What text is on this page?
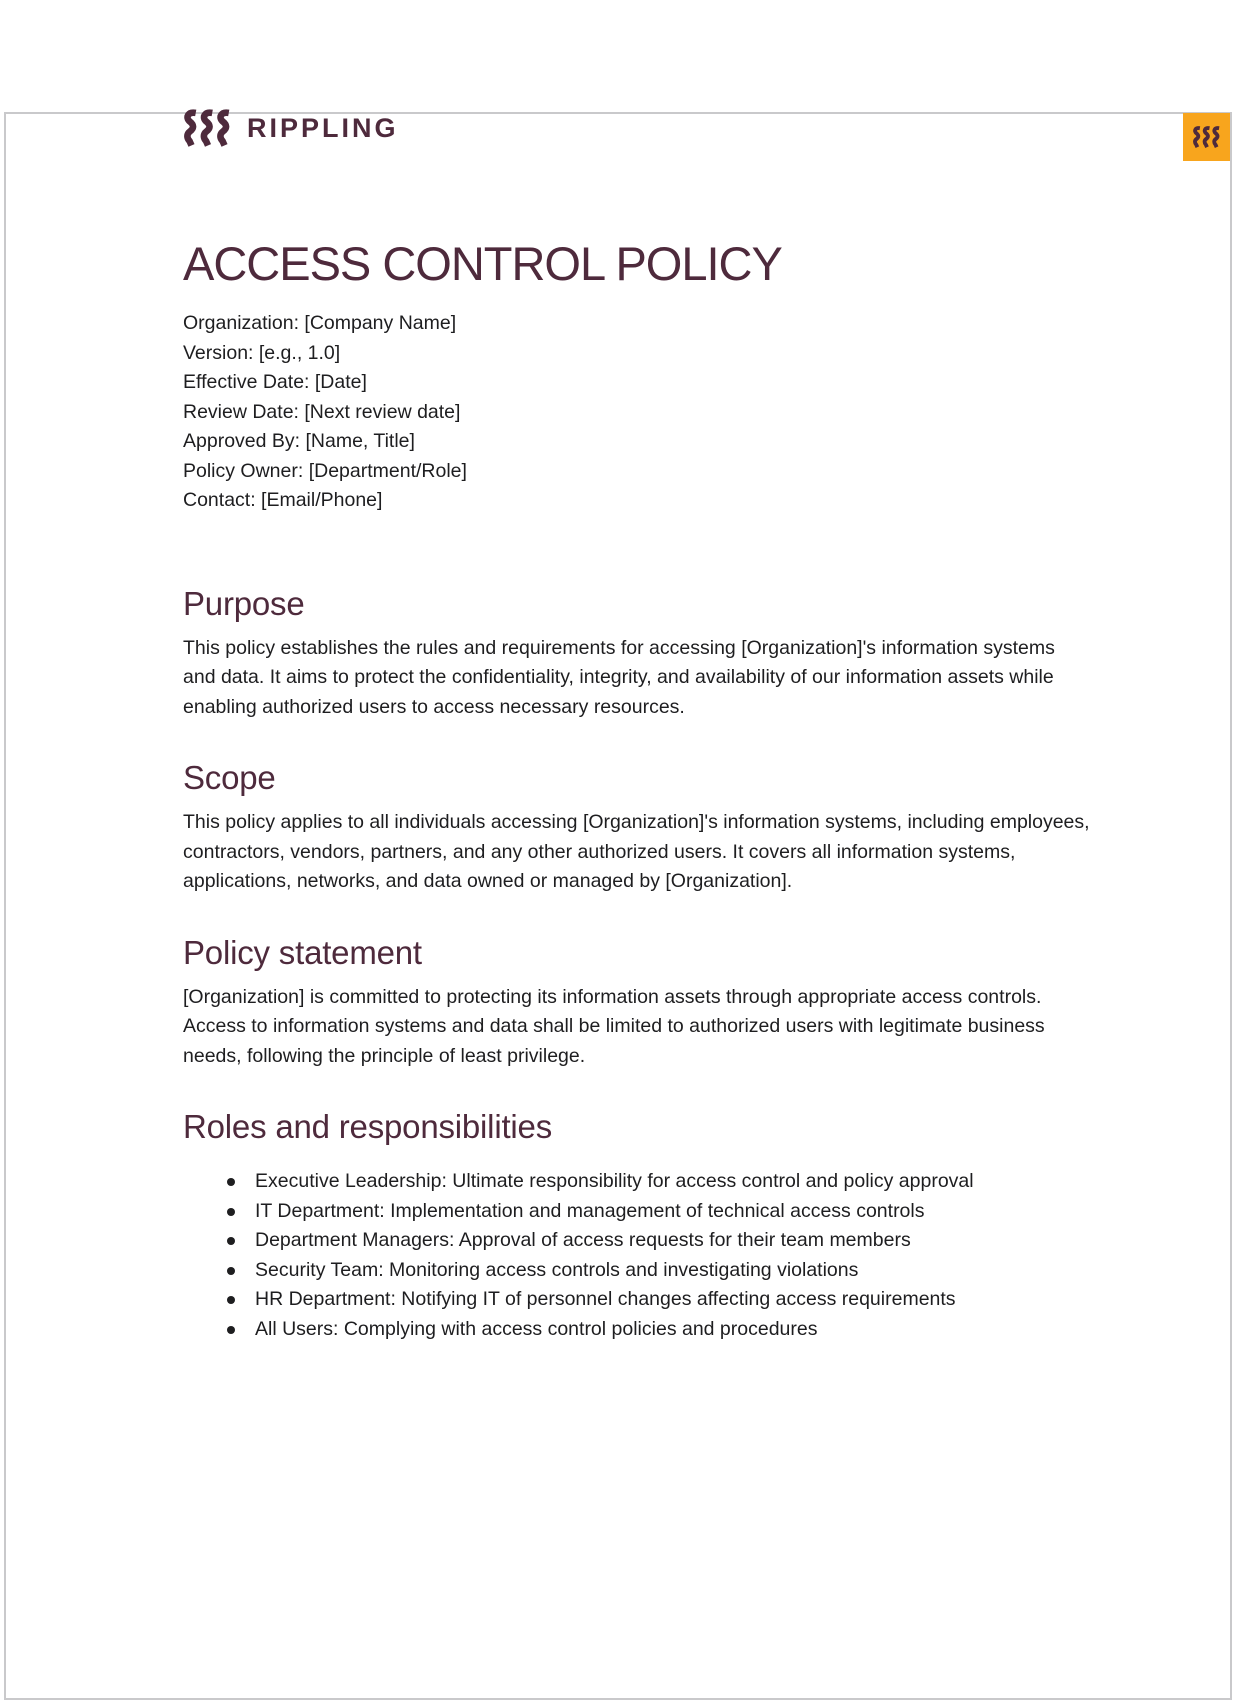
RIPPLING
ACCESS CONTROL POLICY
Organization: [Company Name]
Version: [e.g., 1.0]
Effective Date: [Date]
Review Date: [Next review date]
Approved By: [Name, Title]
Policy Owner: [Department/Role]
Contact: [Email/Phone]
Purpose

This policy establishes the rules and requirements for accessing [Organization]'s information systems and data. It aims to protect the confidentiality, integrity, and availability of our information assets while enabling authorized users to access necessary resources.

Scope

This policy applies to all individuals accessing [Organization]'s information systems, including employees, contractors, vendors, partners, and any other authorized users. It covers all information systems, applications, networks, and data owned or managed by [Organization].

Policy statement

[Organization] is committed to protecting its information assets through appropriate access controls. Access to information systems and data shall be limited to authorized users with legitimate business needs, following the principle of least privilege.

Roles and responsibilities
Executive Leadership: Ultimate responsibility for access control and policy approval
IT Department: Implementation and management of technical access controls
Department Managers: Approval of access requests for their team members
Security Team: Monitoring access controls and investigating violations
HR Department: Notifying IT of personnel changes affecting access requirements
All Users: Complying with access control policies and procedures
